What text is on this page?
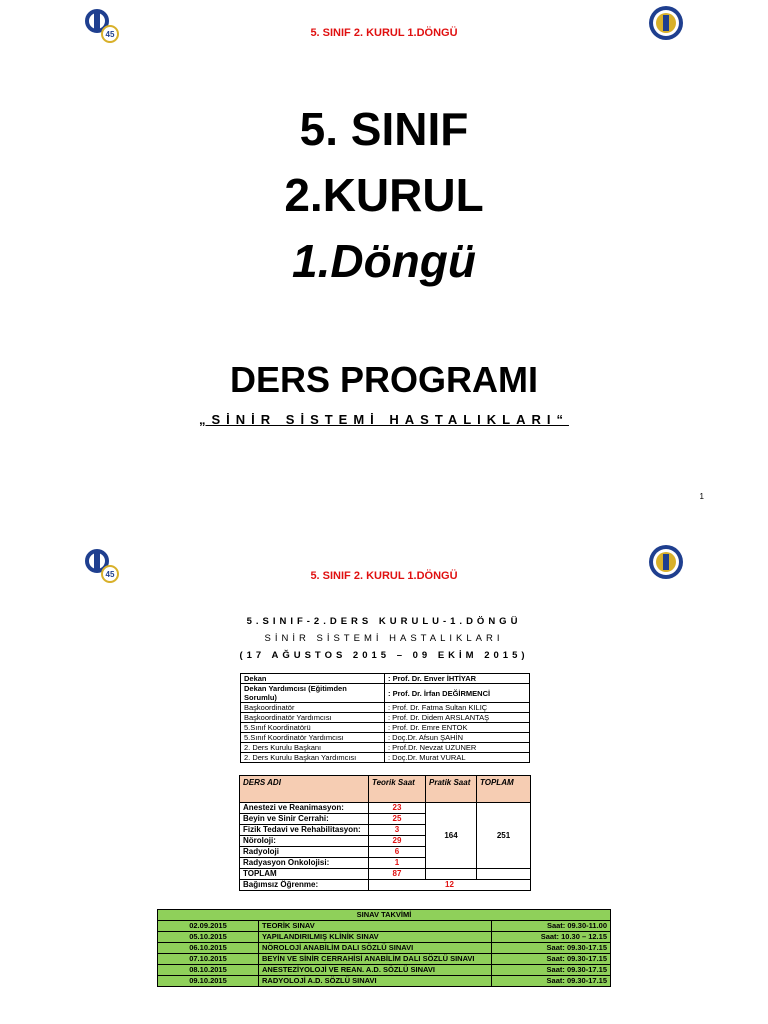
45	5. SINIF 2. KURUL 1.DÖNGÜ
5. SINIF
2.KURUL
1.Döngü
DERS PROGRAMI
„SİNİR SİSTEMİ HASTALIKLARI“
1
45	5. SINIF 2. KURUL 1.DÖNGÜ
5.SINIF-2.DERS KURULU-1.DÖNGÜ
SİNİR SİSTEMİ HASTALIKLARI
(17 AĞUSTOS 2015 – 09 EKİM 2015)
Dekan	: Prof. Dr. Enver İHTİYAR
Dekan Yardımcısı (Eğitimden Sorumlu)	: Prof. Dr. İrfan DEĞİRMENCİ
Başkoordinatör	: Prof. Dr. Fatma Sultan KILIÇ
Başkoordinatör Yardımcısı	: Prof. Dr. Didem ARSLANTAŞ
5.Sınıf Koordinatörü	: Prof. Dr. Emre ENTOK
5.Sınıf Koordinatör Yardımcısı	: Doç.Dr. Afsun ŞAHİN
2. Ders Kurulu Başkanı	: Prof.Dr. Nevzat UZUNER
2. Ders Kurulu Başkan Yardımcısı	: Doç.Dr. Murat VURAL
DERS ADI	Teorik Saat	Pratik Saat	TOPLAM
Anestezi ve Reanimasyon:	23	164	251
Beyin ve Sinir Cerrahi:	25		
Fizik Tedavi ve Rehabilitasyon:	3		
Nöroloji:	29		
Radyoloji	6		
Radyasyon Onkolojisi:	1		
TOPLAM	87		
Bağımsız Öğrenme:	12		
SINAV TAKVİMİ		
02.09.2015	TEORİK SINAV	Saat: 09.30-11.00
05.10.2015	YAPILANDIRILMIŞ KLİNİK SINAV	Saat: 10.30 – 12.15
06.10.2015	NÖROLOJİ ANABİLİM DALI SÖZLÜ SINAVI	Saat: 09.30-17.15
07.10.2015	BEYİN VE SİNİR CERRAHİSİ ANABİLİM DALI SÖZLÜ SINAVI	Saat: 09.30-17.15
08.10.2015	ANESTEZİYOLOJİ VE REAN. A.D. SÖZLÜ SINAVI	Saat: 09.30-17.15
09.10.2015	RADYOLOJİ A.D. SÖZLÜ SINAVI	Saat: 09.30-17.15
